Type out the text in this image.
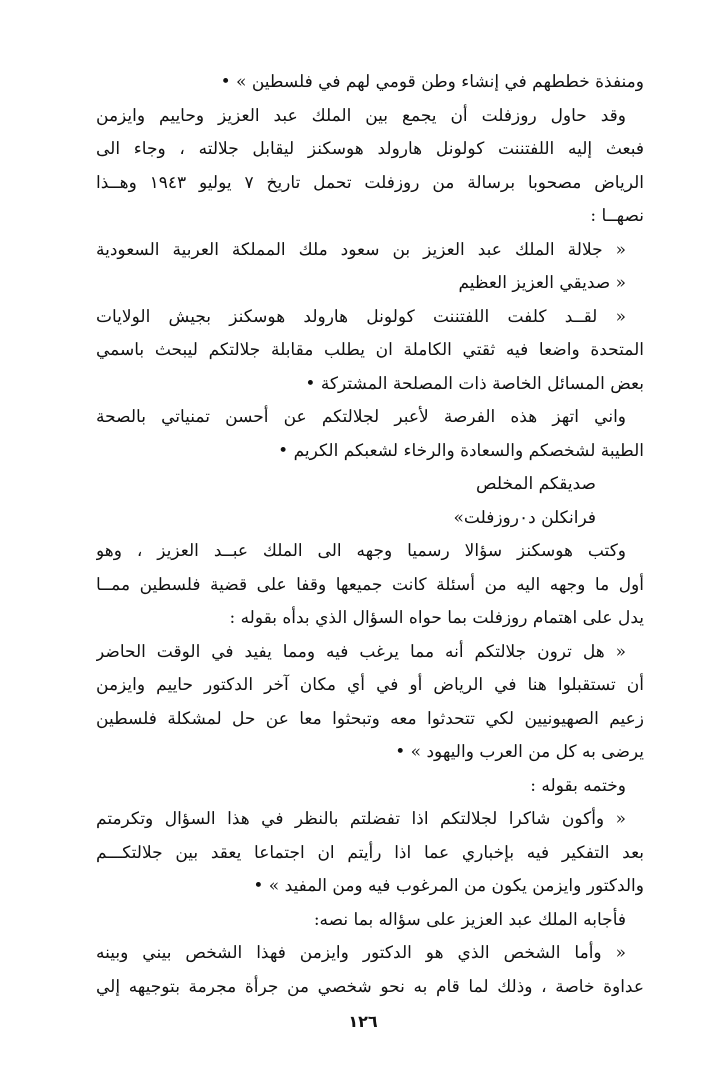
ومنفذة خططهم في إنشاء وطن قومي لهم في فلسطين » •
وقد حاول روزفلت أن يجمع بين الملك عبد العزيز وحاييم وايزمن
فبعث إليه اللفتننت كولونل هارولد هوسكنز ليقابل جلالته ، وجاء الى
الرياض مصحوبا برسالة من روزفلت تحمل تاريخ ٧ يوليو ١٩٤٣ وهــذا
نصهــا :
« جلالة الملك عبد العزيز بن سعود ملك المملكة العربية السعودية
« صديقي العزيز العظيم
« لقــد كلفت اللفتننت كولونل هارولد هوسكنز بجيش الولايات
المتحدة واضعا فيه ثقتي الكاملة ان يطلب مقابلة جلالتكم ليبحث باسمي
بعض المسائل الخاصة ذات المصلحة المشتركة •
واني اتهز هذه الفرصة لأعبر لجلالتكم عن أحسن تمنياتي بالصحة
الطيبة لشخصكم والسعادة والرخاء لشعبكم الكريم •
صديقكم المخلص
فرانكلن د٠روزفلت»
وكتب هوسكنز سؤالا رسميا وجهه الى الملك عبــد العزيز ، وهو
أول ما وجهه اليه من أسئلة كانت جميعها وقفا على قضية فلسطين ممــا
يدل على اهتمام روزفلت بما حواه السؤال الذي بدأه بقوله :
« هل ترون جلالتكم أنه مما يرغب فيه ومما يفيد في الوقت الحاضر
أن تستقبلوا هنا في الرياض أو في أي مكان آخر الدكتور حاييم وايزمن
زعيم الصهيونيين لكي تتحدثوا معه وتبحثوا معا عن حل لمشكلة فلسطين
يرضى به كل من العرب واليهود » •
وختمه بقوله :
« وأكون شاكرا لجلالتكم اذا تفضلتم بالنظر في هذا السؤال وتكرمتم
بعد التفكير فيه بإخباري عما اذا رأيتم ان اجتماعا يعقد بين جلالتكـــم
والدكتور وايزمن يكون من المرغوب فيه ومن المفيد » •
فأجابه الملك عبد العزيز على سؤاله بما نصه:
« وأما الشخص الذي هو الدكتور وايزمن فهذا الشخص بيني وبينه
عداوة خاصة ، وذلك لما قام به نحو شخصي من جرأة مجرمة بتوجيهه إلي
١٢٦
